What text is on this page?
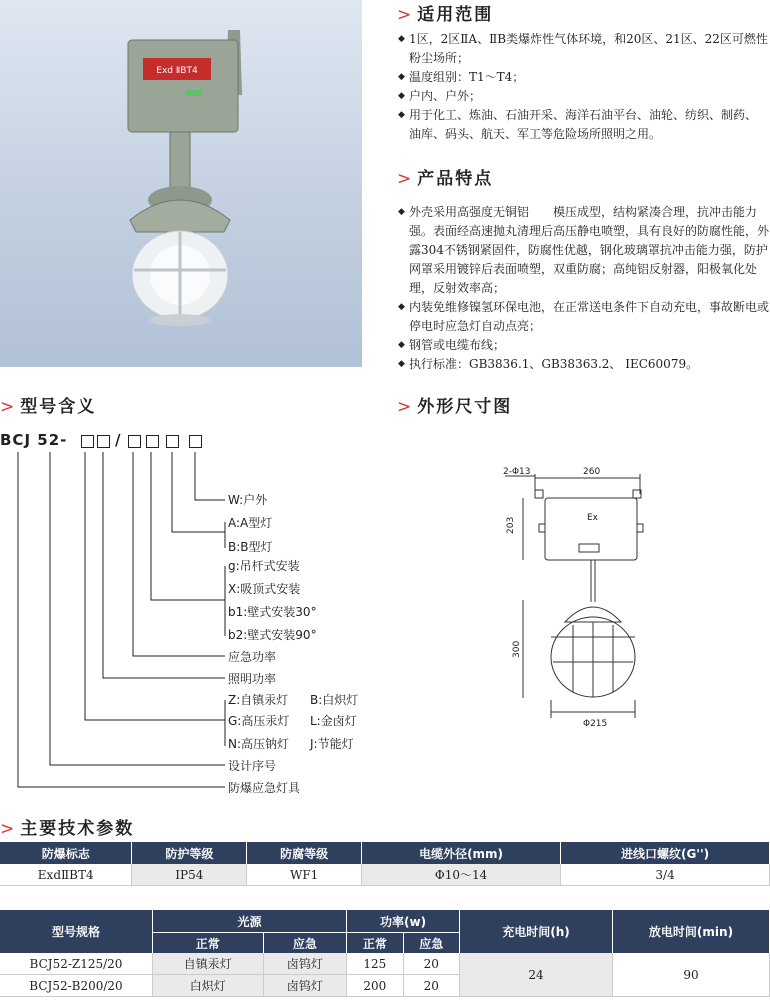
Exd ⅡBT4
> 适用范围
◆ 1区，2区ⅡA、ⅡB类爆炸性气体环境，和20区、21区、22区可燃性粉尘场所；
◆ 温度组别：T1～T4；
◆ 户内、户外；
◆ 用于化工、炼油、石油开采、海洋石油平台、油轮、纺织、制药、油库、码头、航天、军工等危险场所照明之用。
> 产品特点
◆ 外壳采用高强度无铜铝　　模压成型，结构紧凑合理，抗冲击能力强。表面经高速抛丸清理后高压静电喷塑，具有良好的防腐性能，外露304不锈钢紧固件，防腐性优越，钢化玻璃罩抗冲击能力强，防护网罩采用镀锌后表面喷塑，双重防腐；高纯铝反射器，阳极氧化处理，反射效率高；
◆ 内装免维修镍氢环保电池，在正常送电条件下自动充电，事故断电或停电时应急灯自动点亮；
◆ 钢管或电缆布线；
◆ 执行标准：GB3836.1、GB38363.2、 IEC60079。
> 型号含义
BCJ 52-	/
W:户外
A:A型灯
B:B型灯
g:吊杆式安装
X:吸顶式安装
b1:壁式安装30°
b2:壁式安装90°
应急功率
照明功率
Z:自镇汞灯 B:白炽灯
G:高压汞灯 L:金卤灯
N:高压钠灯 J:节能灯
设计序号
防爆应急灯具
> 外形尺寸图
2-Φ13	260
203	Ex
300
Φ215
> 主要技术参数
防爆标志	防护等级	防腐等级	电缆外径(mm)	进线口螺纹(G'')
ExdⅡBT4	IP54	WF1	Φ10～14	3/4
型号规格	光源		功率(w)		充电时间(h)	放电时间(min)
	正常	应急	正常	应急		
BCJ52-Z125/20	自镇汞灯	卤钨灯	125	20	24	90
BCJ52-B200/20	白炽灯	卤钨灯	200	20		
